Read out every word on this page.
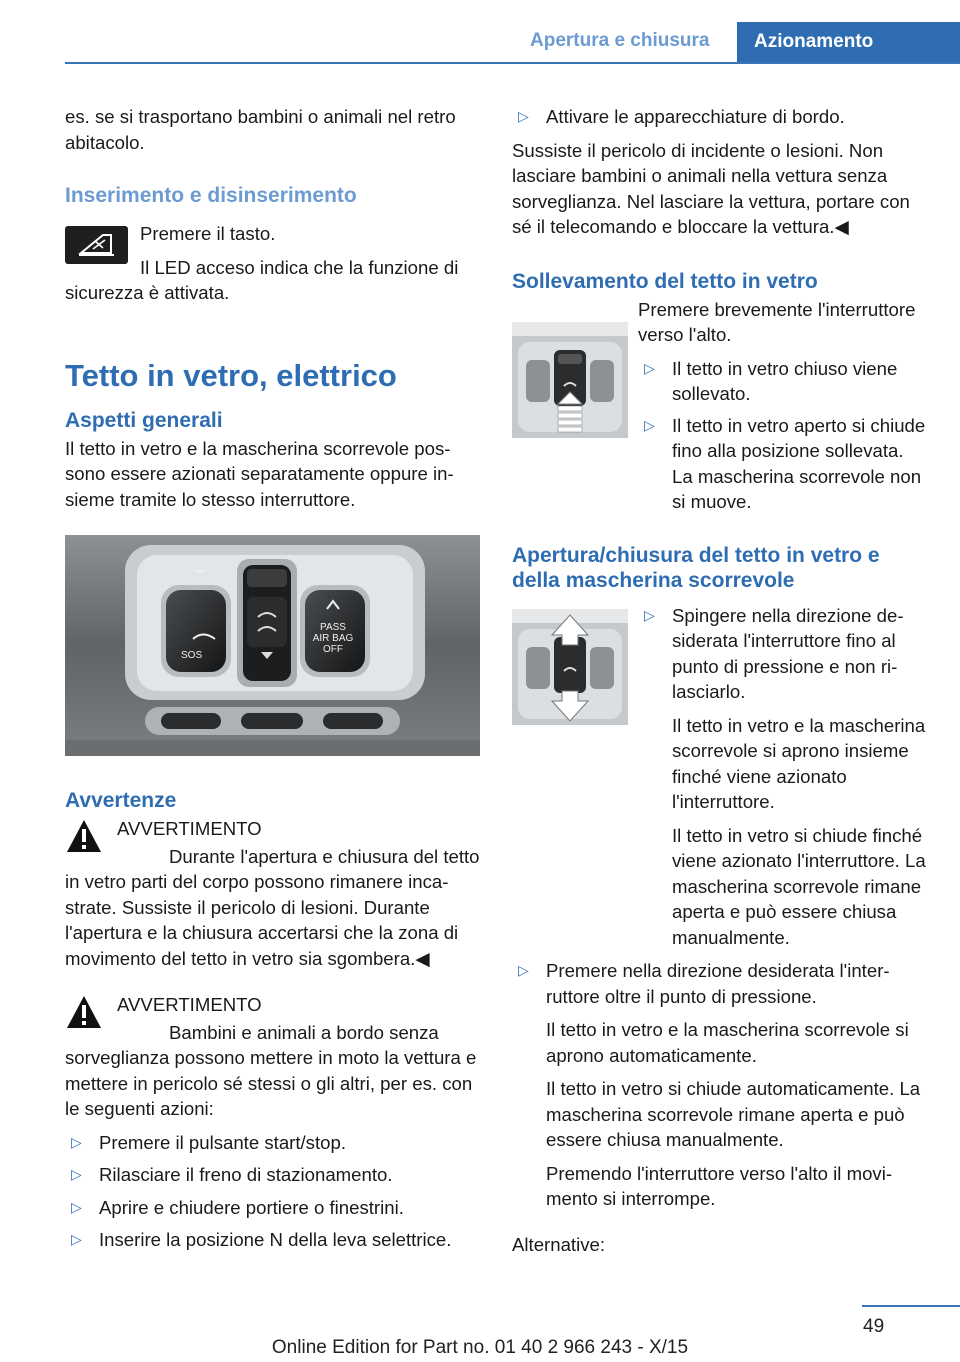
Apertura e chiusura	Azionamento

es. se si trasportano bambini o animali nel retro abitacolo.

Inserimento e disinserimento

Premere il tasto.

Il LED acceso indica che la funzione di sicurezza è attivata.

Tetto in vetro, elettrico
Aspetti generali

Il tetto in vetro e la mascherina scorrevole possono essere azionati separatamente oppure insieme tramite lo stesso interruttore.

SOS
PASS
AIR BAG
OFF
Avvertenze

AVVERTIMENTO

Durante l'apertura e chiusura del tetto in vetro parti del corpo possono rimanere incastrate. Sussiste il pericolo di lesioni. Durante l'apertura e la chiusura accertarsi che la zona di movimento del tetto in vetro sia sgombera.◀

AVVERTIMENTO

Bambini e animali a bordo senza sorveglianza possono mettere in moto la vettura e mettere in pericolo sé stessi o gli altri, per es. con le seguenti azioni:

▷ Premere il pulsante start/stop.
▷ Rilasciare il freno di stazionamento.
▷ Aprire e chiudere portiere o finestrini.
▷ Inserire la posizione N della leva selettrice.
▷ Attivare le apparecchiature di bordo.

Sussiste il pericolo di incidente o lesioni. Non lasciare bambini o animali nella vettura senza sorveglianza. Nel lasciare la vettura, portare con sé il telecomando e bloccare la vettura.◀

Sollevamento del tetto in vetro

Premere brevemente l'interruttore verso l'alto.

▷ Il tetto in vetro chiuso viene sollevato.
▷ Il tetto in vetro aperto si chiude fino alla posizione sollevata. La mascherina scorrevole non si muove.
Apertura/chiusura del tetto in vetro e della mascherina scorrevole
▷ Spingere nella direzione desiderata l'interruttore fino al punto di pressione e non rilasciarlo.

Il tetto in vetro e la mascherina scorrevole si aprono insieme finché viene azionato l'interruttore.

Il tetto in vetro si chiude finché viene azionato l'interruttore. La mascherina scorrevole rimane aperta e può essere chiusa manualmente.

▷ Premere nella direzione desiderata l'interruttore oltre il punto di pressione.

Il tetto in vetro e la mascherina scorrevole si aprono automaticamente.

Il tetto in vetro si chiude automaticamente. La mascherina scorrevole rimane aperta e può essere chiusa manualmente.

Premendo l'interruttore verso l'alto il movimento si interrompe.

Alternative:

49
Online Edition for Part no. 01 40 2 966 243 - X/15
